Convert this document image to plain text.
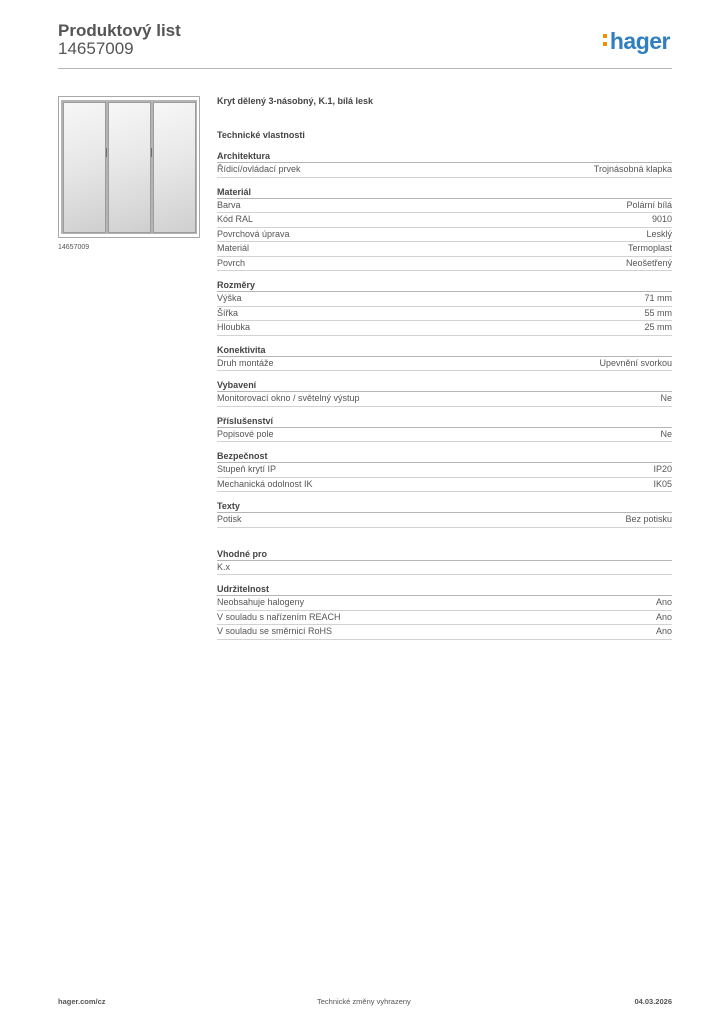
Produktový list
14657009	hager
14657009
Kryt dělený 3-násobný, K.1, bílá lesk
Technické vlastnosti
Architektura
Řídicí/ovládací prvek	Trojnásobná klapka
Materiál
Barva	Polární bílá
Kód RAL	9010
Povrchová úprava	Lesklý
Materiál	Termoplast
Povrch	Neošetřený
Rozměry
Výška	71 mm
Šířka	55 mm
Hloubka	25 mm
Konektivita
Druh montáže	Upevnění svorkou
Vybavení
Monitorovací okno / světelný výstup	Ne
Příslušenství
Popisové pole	Ne
Bezpečnost
Stupeň krytí IP	IP20
Mechanická odolnost IK	IK05
Texty
Potisk	Bez potisku
Vhodné pro
K.x
Udržitelnost
Neobsahuje halogeny	Ano
V souladu s nařízením REACH	Ano
V souladu se směrnicí RoHS	Ano
hager.com/cz	Technické změny vyhrazeny	04.03.2026
